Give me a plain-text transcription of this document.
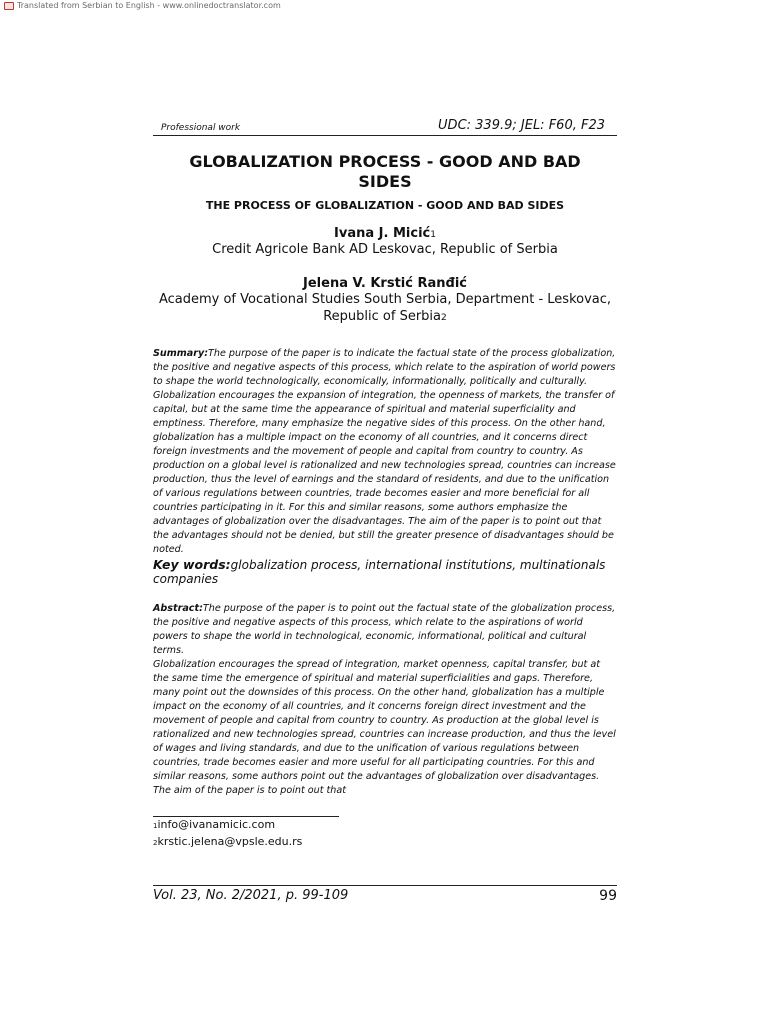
Translated from Serbian to English - www.onlinedoctranslator.com
Professional work	UDC: 339.9; JEL: F60, F23
GLOBALIZATION PROCESS - GOOD AND BAD SIDES
THE PROCESS OF GLOBALIZATION - GOOD AND BAD SIDES
Ivana J. Micić1
Credit Agricole Bank AD Leskovac, Republic of Serbia
Jelena V. Krstić Ranđić
Academy of Vocational Studies South Serbia, Department - Leskovac,
Republic of Serbia2

Summary:The purpose of the paper is to indicate the factual state of the process globalization, the positive and negative aspects of this process, which relate to the aspiration of world powers to shape the world technologically, economically, informationally, politically and culturally. Globalization encourages the expansion of integration, the openness of markets, the transfer of capital, but at the same time the appearance of spiritual and material superficiality and emptiness. Therefore, many emphasize the negative sides of this process. On the other hand, globalization has a multiple impact on the economy of all countries, and it concerns direct foreign investments and the movement of people and capital from country to country. As production on a global level is rationalized and new technologies spread, countries can increase production, thus the level of earnings and the standard of residents, and due to the unification of various regulations between countries, trade becomes easier and more beneficial for all countries participating in it. For this and similar reasons, some authors emphasize the advantages of globalization over the disadvantages. The aim of the paper is to point out that the advantages should not be denied, but still the greater presence of disadvantages should be noted.

Key words:globalization process, international institutions, multinationals companies

Abstract:The purpose of the paper is to point out the factual state of the globalization process, the positive and negative aspects of this process, which relate to the aspirations of world powers to shape the world in technological, economic, informational, political and cultural terms.

Globalization encourages the spread of integration, market openness, capital transfer, but at the same time the emergence of spiritual and material superficialities and gaps. Therefore, many point out the downsides of this process. On the other hand, globalization has a multiple impact on the economy of all countries, and it concerns foreign direct investment and the movement of people and capital from country to country. As production at the global level is rationalized and new technologies spread, countries can increase production, and thus the level of wages and living standards, and due to the unification of various regulations between countries, trade becomes easier and more useful for all participating countries. For this and similar reasons, some authors point out the advantages of globalization over disadvantages. The aim of the paper is to point out that

1info@ivanamicic.com
2krstic.jelena@vpsle.edu.rs
Vol. 23, No. 2/2021, p. 99-109	99
